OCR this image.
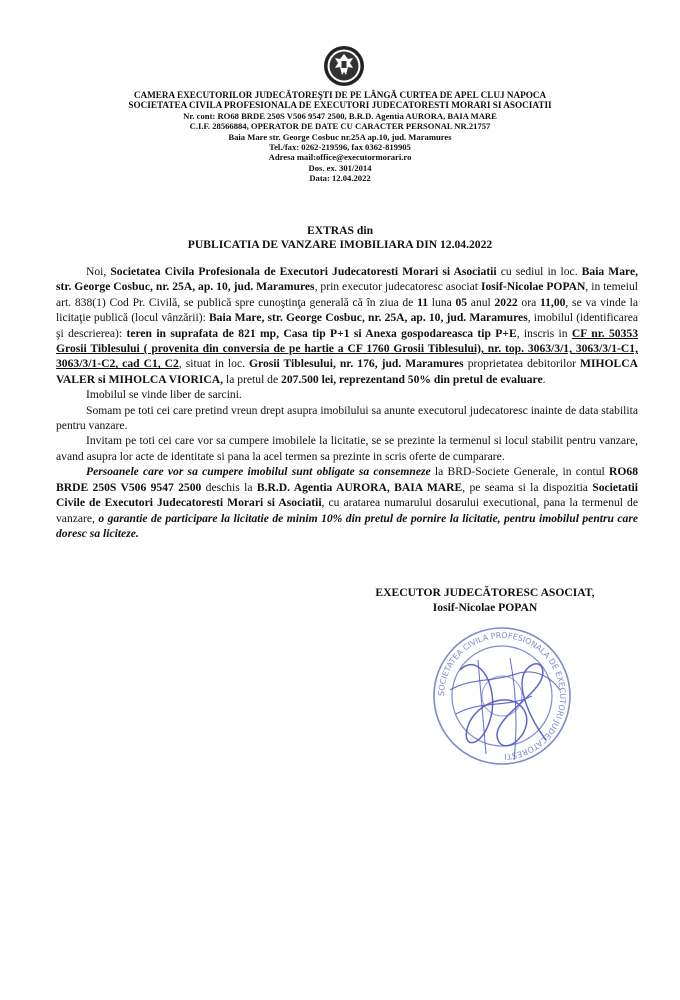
CAMERA EXECUTORILOR JUDECĂTOREŞTI DE PE LÂNGĂ CURTEA DE APEL CLUJ NAPOCA
SOCIETATEA CIVILA PROFESIONALA DE EXECUTORI JUDECATORESTI MORARI SI ASOCIATII
Nr. cont: RO68 BRDE 250S V506 9547 2500, B.R.D. Agentia AURORA, BAIA MARE
C.I.F. 28566884, OPERATOR DE DATE CU CARACTER PERSONAL NR.21757
Baia Mare str. George Cosbuc nr.25A ap.10, jud. Maramures
Tel./fax: 0262-219596, fax 0362-819905
Adresa mail:office@executormorari.ro
Dos. ex. 301/2014
Data: 12.04.2022
EXTRAS din
PUBLICATIA DE VANZARE IMOBILIARA DIN 12.04.2022

Noi, Societatea Civila Profesionala de Executori Judecatoresti Morari si Asociatii cu sediul in loc. Baia Mare, str. George Cosbuc, nr. 25A, ap. 10, jud. Maramures, prin executor judecatoresc asociat Iosif-Nicolae POPAN, in temeiul art. 838(1) Cod Pr. Civilă, se publică spre cunoştinţa generală că în ziua de 11 luna 05 anul 2022 ora 11,00, se va vinde la licitaţie publică (locul vânzării): Baia Mare, str. George Cosbuc, nr. 25A, ap. 10, jud. Maramures, imobilul (identificarea şi descrierea): teren in suprafata de 821 mp, Casa tip P+1 si Anexa gospodareasca tip P+E, inscris in CF nr. 50353 Grosii Tiblesului ( provenita din conversia de pe hartie a CF 1760 Grosii Tiblesului), nr. top. 3063/3/1, 3063/3/1-C1, 3063/3/1-C2, cad C1, C2, situat in loc. Grosii Tiblesului, nr. 176, jud. Maramures proprietatea debitorilor MIHOLCA VALER si MIHOLCA VIORICA, la pretul de 207.500 lei, reprezentand 50% din pretul de evaluare.

Imobilul se vinde liber de sarcini.

Somam pe toti cei care pretind vreun drept asupra imobilului sa anunte executorul judecatoresc inainte de data stabilita pentru vanzare.

Invitam pe toti cei care vor sa cumpere imobilele la licitatie, se se prezinte la termenul si locul stabilit pentru vanzare, avand asupra lor acte de identitate si pana la acel termen sa prezinte in scris oferte de cumparare.

Persoanele care vor sa cumpere imobilul sunt obligate sa consemneze la BRD-Societe Generale, in contul RO68 BRDE 250S V506 9547 2500 deschis la B.R.D. Agentia AURORA, BAIA MARE, pe seama si la dispozitia Societatii Civile de Executori Judecatoresti Morari si Asociatii, cu aratarea numarului dosarului executional, pana la termenul de vanzare, o garantie de participare la licitatie de minim 10% din pretul de pornire la licitatie, pentru imobilul pentru care doresc sa liciteze.

EXECUTOR JUDECĂTORESC ASOCIAT,
Iosif-Nicolae POPAN
SOCIETATEA CIVILA PROFESIONALA DE EXECUTORI JUDECATORESTI
